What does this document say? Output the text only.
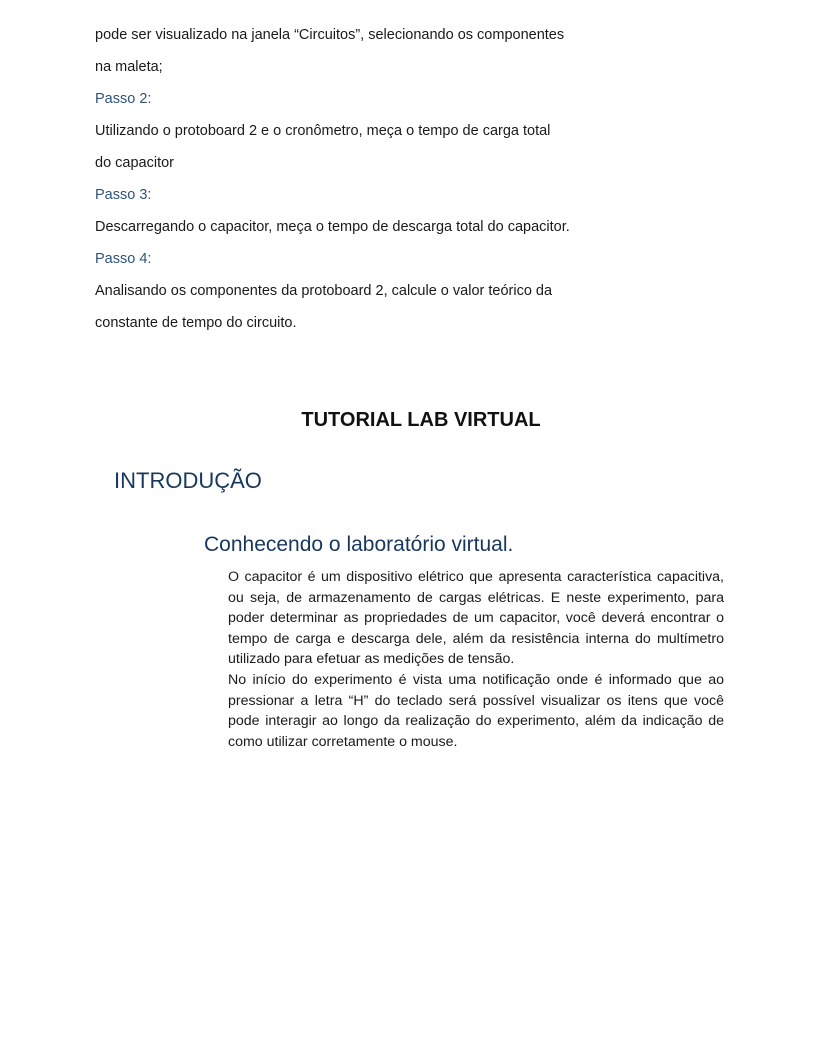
pode ser visualizado na janela “Circuitos”, selecionando os componentes
na maleta;
Passo 2:
Utilizando o protoboard 2 e o cronômetro, meça o tempo de carga total
do capacitor
Passo 3:
Descarregando o capacitor, meça o tempo de descarga total do capacitor.
Passo 4:
Analisando os componentes da protoboard 2, calcule o valor teórico da
constante de tempo do circuito.
TUTORIAL LAB VIRTUAL
INTRODUÇÃO
Conhecendo o laboratório virtual.

O capacitor é um dispositivo elétrico que apresenta característica capacitiva, ou seja, de armazenamento de cargas elétricas. E neste experimento, para poder determinar as propriedades de um capacitor, você deverá encontrar o tempo de carga e descarga dele, além da resistência interna do multímetro utilizado para efetuar as medições de tensão.

No início do experimento é vista uma notificação onde é informado que ao pressionar a letra “H” do teclado será possível visualizar os itens que você pode interagir ao longo da realização do experimento, além da indicação de como utilizar corretamente o mouse.
